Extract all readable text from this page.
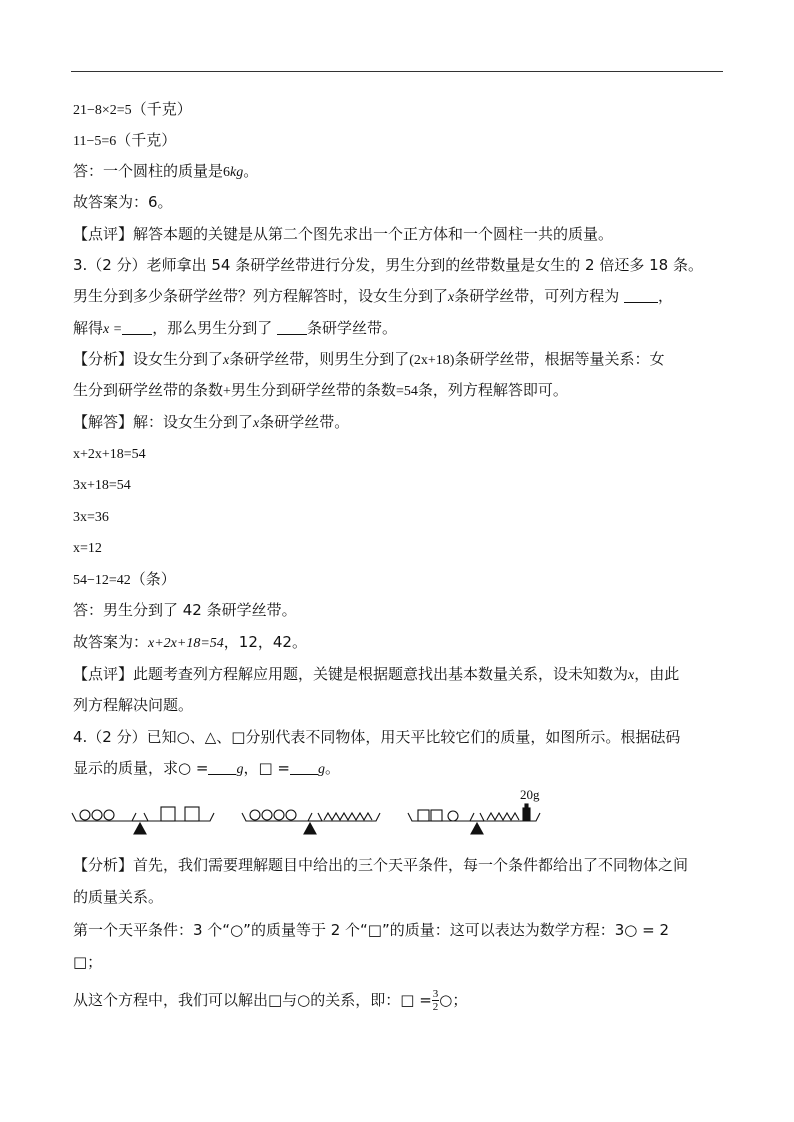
21−8×2=5（千克）
11−5=6（千克）
答：一个圆柱的质量是6kg。
故答案为：6。
【点评】解答本题的关键是从第二个图先求出一个正方体和一个圆柱一共的质量。
3.（2 分）老师拿出 54 条研学丝带进行分发，男生分到的丝带数量是女生的 2 倍还多 18 条。
男生分到多少条研学丝带？列方程解答时，设女生分到了x条研学丝带，可列方程为	，
解得x = ，那么男生分到了 条研学丝带。
【分析】设女生分到了x条研学丝带，则男生分到了(2x+18)条研学丝带，根据等量关系：女
生分到研学丝带的条数+男生分到研学丝带的条数=54条，列方程解答即可。
【解答】解：设女生分到了x条研学丝带。
x+2x+18=54
3x+18=54
3x=36
x=12
54−12=42（条）
答：男生分到了 42 条研学丝带。
故答案为：x+2x+18=54，12，42。
【点评】此题考查列方程解应用题，关键是根据题意找出基本数量关系，设未知数为x，由此
列方程解决问题。
4.（2 分）已知○、△、□分别代表不同物体，用天平比较它们的质量，如图所示。根据砝码
显示的质量，求○ = g，□ = g。
20g
【分析】首先，我们需要理解题目中给出的三个天平条件，每一个条件都给出了不同物体之间
的质量关系。
第一个天平条件：3 个“○”的质量等于 2 个“□”的质量：这可以表达为数学方程：3○ = 2
□；
从这个方程中，我们可以解出□与○的关系，即：□ = $\frac{3}{2}$ ○；
